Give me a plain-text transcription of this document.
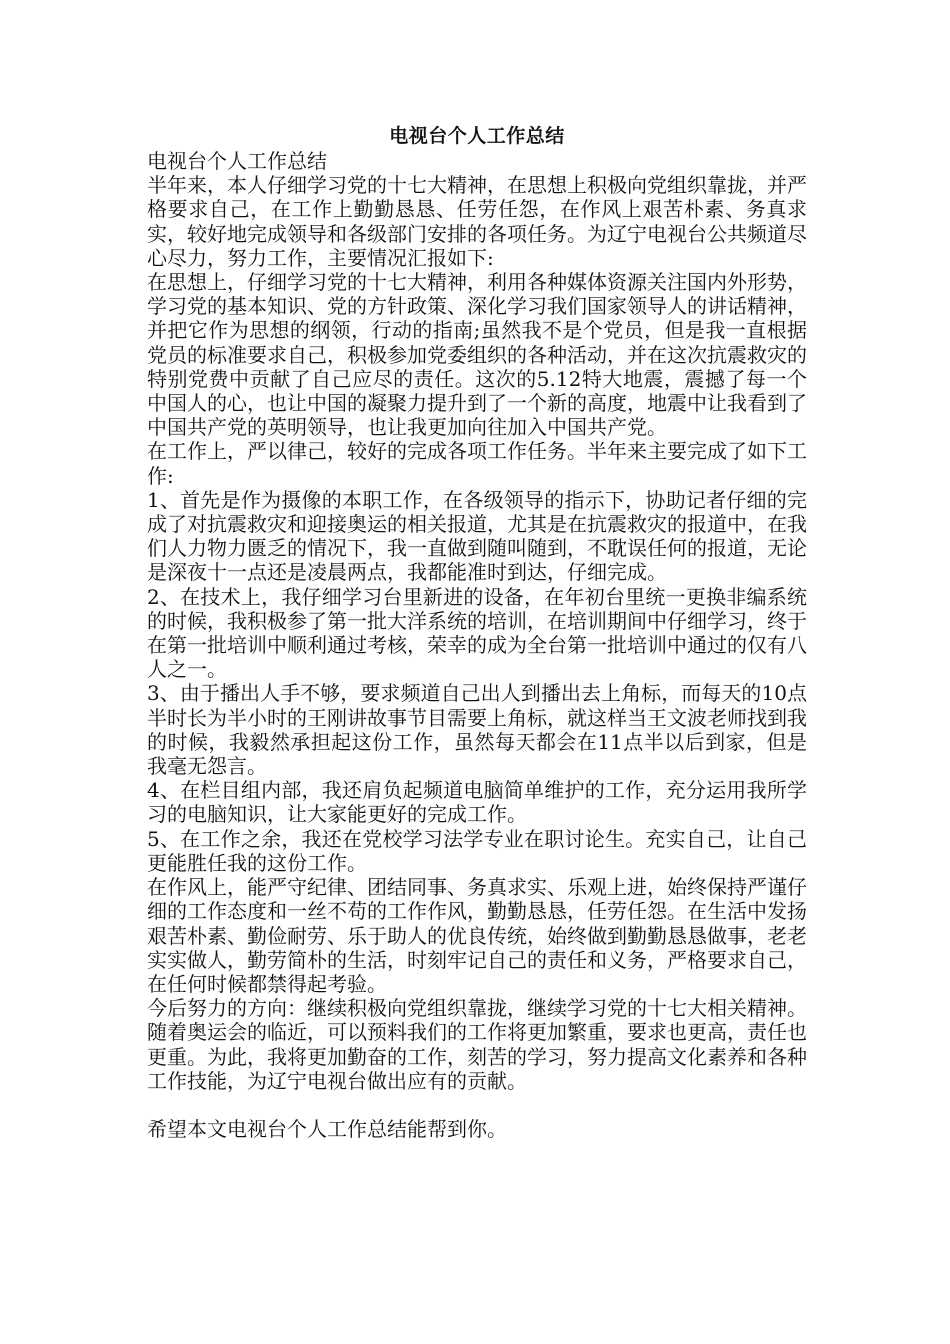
电视台个人工作总结

电视台个人工作总结

半年来，本人仔细学习党的十七大精神，在思想上积极向党组织靠拢，并严格要求自己，在工作上勤勤恳恳、任劳任怨，在作风上艰苦朴素、务真求实，较好地完成领导和各级部门安排的各项任务。为辽宁电视台公共频道尽心尽力，努力工作，主要情况汇报如下:

在思想上，仔细学习党的十七大精神，利用各种媒体资源关注国内外形势，学习党的基本知识、党的方针政策、深化学习我们国家领导人的讲话精神，并把它作为思想的纲领，行动的指南;虽然我不是个党员，但是我一直根据党员的标准要求自己，积极参加党委组织的各种活动，并在这次抗震救灾的特别党费中贡献了自己应尽的责任。这次的5.12特大地震，震撼了每一个中国人的心，也让中国的凝聚力提升到了一个新的高度，地震中让我看到了中国共产党的英明领导，也让我更加向往加入中国共产党。

在工作上，严以律己，较好的完成各项工作任务。半年来主要完成了如下工作:

1、首先是作为摄像的本职工作，在各级领导的指示下，协助记者仔细的完成了对抗震救灾和迎接奥运的相关报道，尤其是在抗震救灾的报道中，在我们人力物力匮乏的情况下，我一直做到随叫随到，不耽误任何的报道，无论是深夜十一点还是凌晨两点，我都能准时到达，仔细完成。

2、在技术上，我仔细学习台里新进的设备，在年初台里统一更换非编系统的时候，我积极参了第一批大洋系统的培训，在培训期间中仔细学习，终于在第一批培训中顺利通过考核，荣幸的成为全台第一批培训中通过的仅有八人之一。

3、由于播出人手不够，要求频道自己出人到播出去上角标，而每天的10点半时长为半小时的王刚讲故事节目需要上角标，就这样当王文波老师找到我的时候，我毅然承担起这份工作，虽然每天都会在11点半以后到家，但是我毫无怨言。

4、在栏目组内部，我还肩负起频道电脑简单维护的工作，充分运用我所学习的电脑知识，让大家能更好的完成工作。

5、在工作之余，我还在党校学习法学专业在职讨论生。充实自己，让自己更能胜任我的这份工作。

在作风上，能严守纪律、团结同事、务真求实、乐观上进，始终保持严谨仔细的工作态度和一丝不苟的工作作风，勤勤恳恳，任劳任怨。在生活中发扬艰苦朴素、勤俭耐劳、乐于助人的优良传统，始终做到勤勤恳恳做事，老老实实做人，勤劳简朴的生活，时刻牢记自己的责任和义务，严格要求自己，在任何时候都禁得起考验。

今后努力的方向：继续积极向党组织靠拢，继续学习党的十七大相关精神。随着奥运会的临近，可以预料我们的工作将更加繁重，要求也更高，责任也更重。为此，我将更加勤奋的工作，刻苦的学习，努力提高文化素养和各种工作技能，为辽宁电视台做出应有的贡献。

希望本文电视台个人工作总结能帮到你。
